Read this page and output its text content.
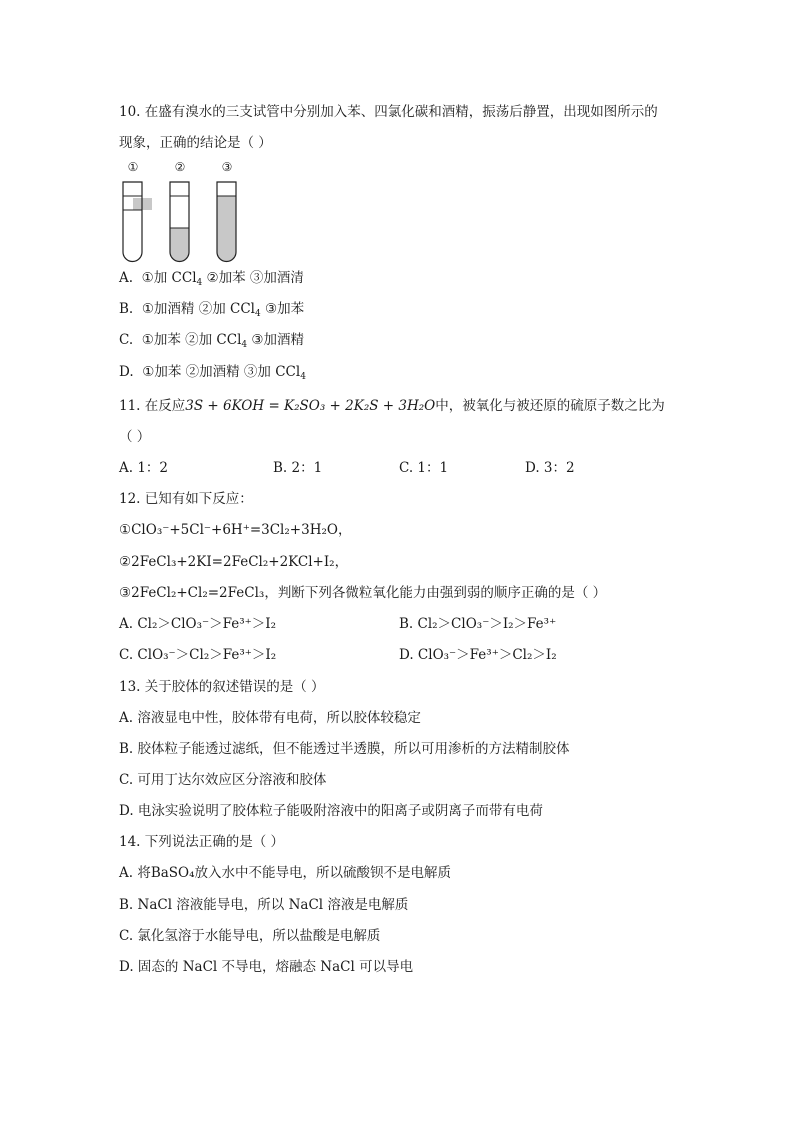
10. 在盛有溴水的三支试管中分别加入苯、四氯化碳和酒精，振荡后静置，出现如图所示的
现象，正确的结论是（ ）
①	②	③
A. ①加 CCl$_4$ ②加苯 ③加酒清
B. ①加酒精 ②加 CCl$_4$ ③加苯
C. ①加苯 ②加 CCl$_4$ ③加酒精
D. ①加苯 ②加酒精 ③加 CCl$_4$
11. 在反应3S + 6KOH = K₂SO₃ + 2K₂S + 3H₂O中，被氧化与被还原的硫原子数之比为
（ ）
A. 1：2	B. 2：1	C. 1：1	D. 3：2
12. 已知有如下反应：
①ClO₃⁻+5Cl⁻+6H⁺=3Cl₂+3H₂O，
②2FeCl₃+2KI=2FeCl₂+2KCl+I₂，
③2FeCl₂+Cl₂=2FeCl₃，判断下列各微粒氧化能力由强到弱的顺序正确的是（ ）
A. Cl₂＞ClO₃⁻＞Fe³⁺＞I₂	B. Cl₂＞ClO₃⁻＞I₂＞Fe³⁺
C. ClO₃⁻＞Cl₂＞Fe³⁺＞I₂	D. ClO₃⁻＞Fe³⁺＞Cl₂＞I₂
13. 关于胶体的叙述错误的是（ ）
A. 溶液显电中性，胶体带有电荷，所以胶体较稳定
B. 胶体粒子能透过滤纸，但不能透过半透膜，所以可用渗析的方法精制胶体
C. 可用丁达尔效应区分溶液和胶体
D. 电泳实验说明了胶体粒子能吸附溶液中的阳离子或阴离子而带有电荷
14. 下列说法正确的是（ ）
A. 将BaSO₄放入水中不能导电，所以硫酸钡不是电解质
B. NaCl 溶液能导电，所以 NaCl 溶液是电解质
C. 氯化氢溶于水能导电，所以盐酸是电解质
D. 固态的 NaCl 不导电，熔融态 NaCl 可以导电
